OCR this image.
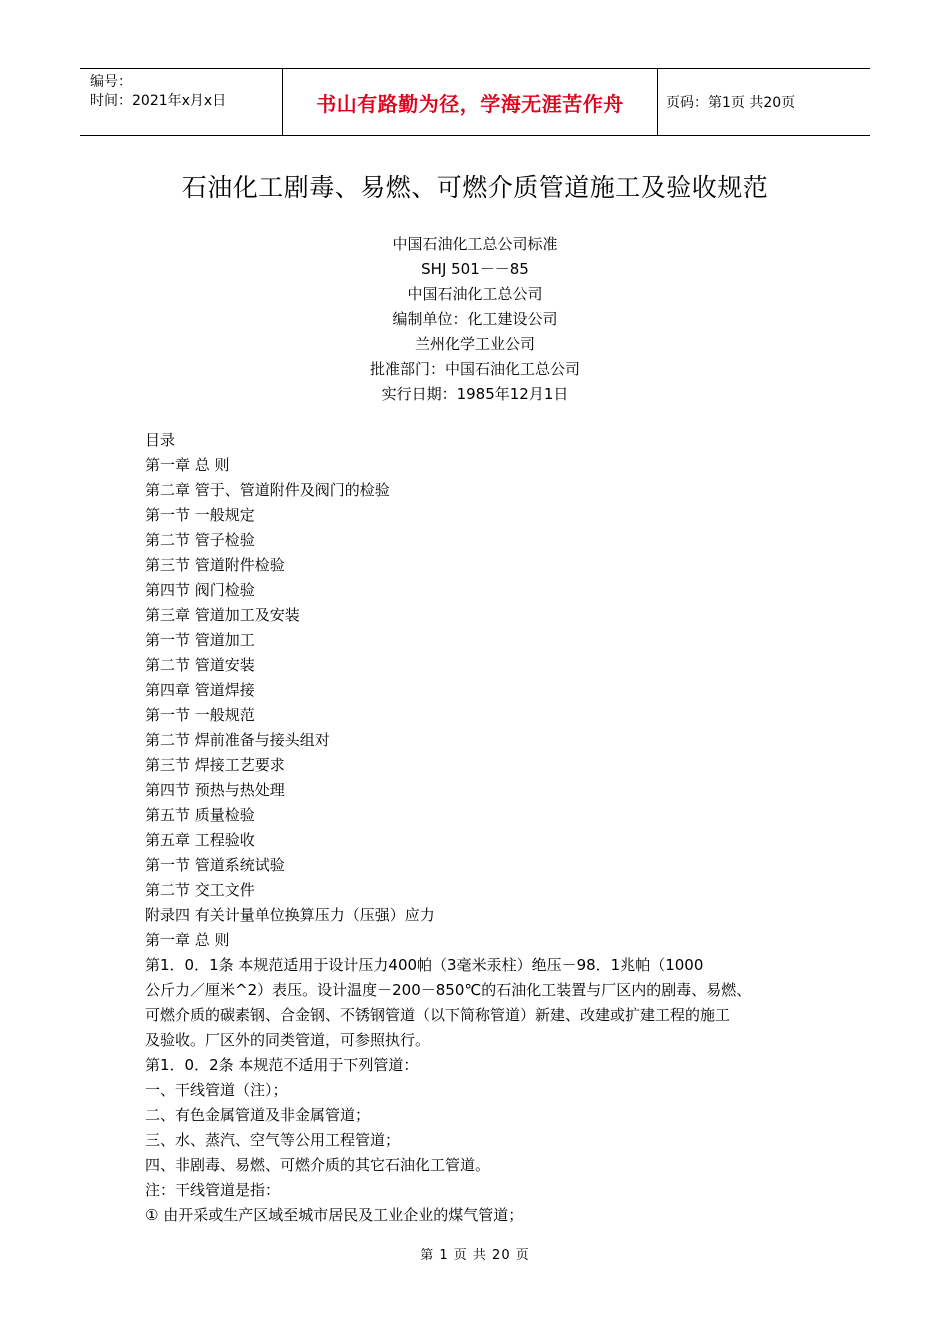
编号：
时间：2021年x月x日	书山有路勤为径，学海无涯苦作舟	页码：第1页 共20页
石油化工剧毒、易燃、可燃介质管道施工及验收规范
中国石油化工总公司标准
SHJ 501－－85
中国石油化工总公司
编制单位：化工建设公司
兰州化学工业公司
批准部门：中国石油化工总公司
实行日期：1985年12月1日
目录
第一章 总 则
第二章 管于、管道附件及阀门的检验
第一节 一般规定
第二节 管子检验
第三节 管道附件检验
第四节 阀门检验
第三章 管道加工及安装
第一节 管道加工
第二节 管道安装
第四章 管道焊接
第一节 一般规范
第二节 焊前准备与接头组对
第三节 焊接工艺要求
第四节 预热与热处理
第五节 质量检验
第五章 工程验收
第一节 管道系统试验
第二节 交工文件
附录四 有关计量单位换算压力（压强）应力
第一章 总 则
第1．0．1条 本规范适用于设计压力400帕（3毫米汞柱）绝压－98．1兆帕（1000
公斤力／厘米^2）表压。设计温度－200－850℃的石油化工装置与厂区内的剧毒、易燃、
可燃介质的碳素钢、合金钢、不锈钢管道（以下简称管道）新建、改建或扩建工程的施工
及验收。厂区外的同类管道，可参照执行。
第1．0．2条 本规范不适用于下列管道：
一、干线管道（注）；
二、有色金属管道及非金属管道；
三、水、蒸汽、空气等公用工程管道；
四、非剧毒、易燃、可燃介质的其它石油化工管道。
注：干线管道是指：
① 由开采或生产区域至城市居民及工业企业的煤气管道；
第 1 页 共 20 页
